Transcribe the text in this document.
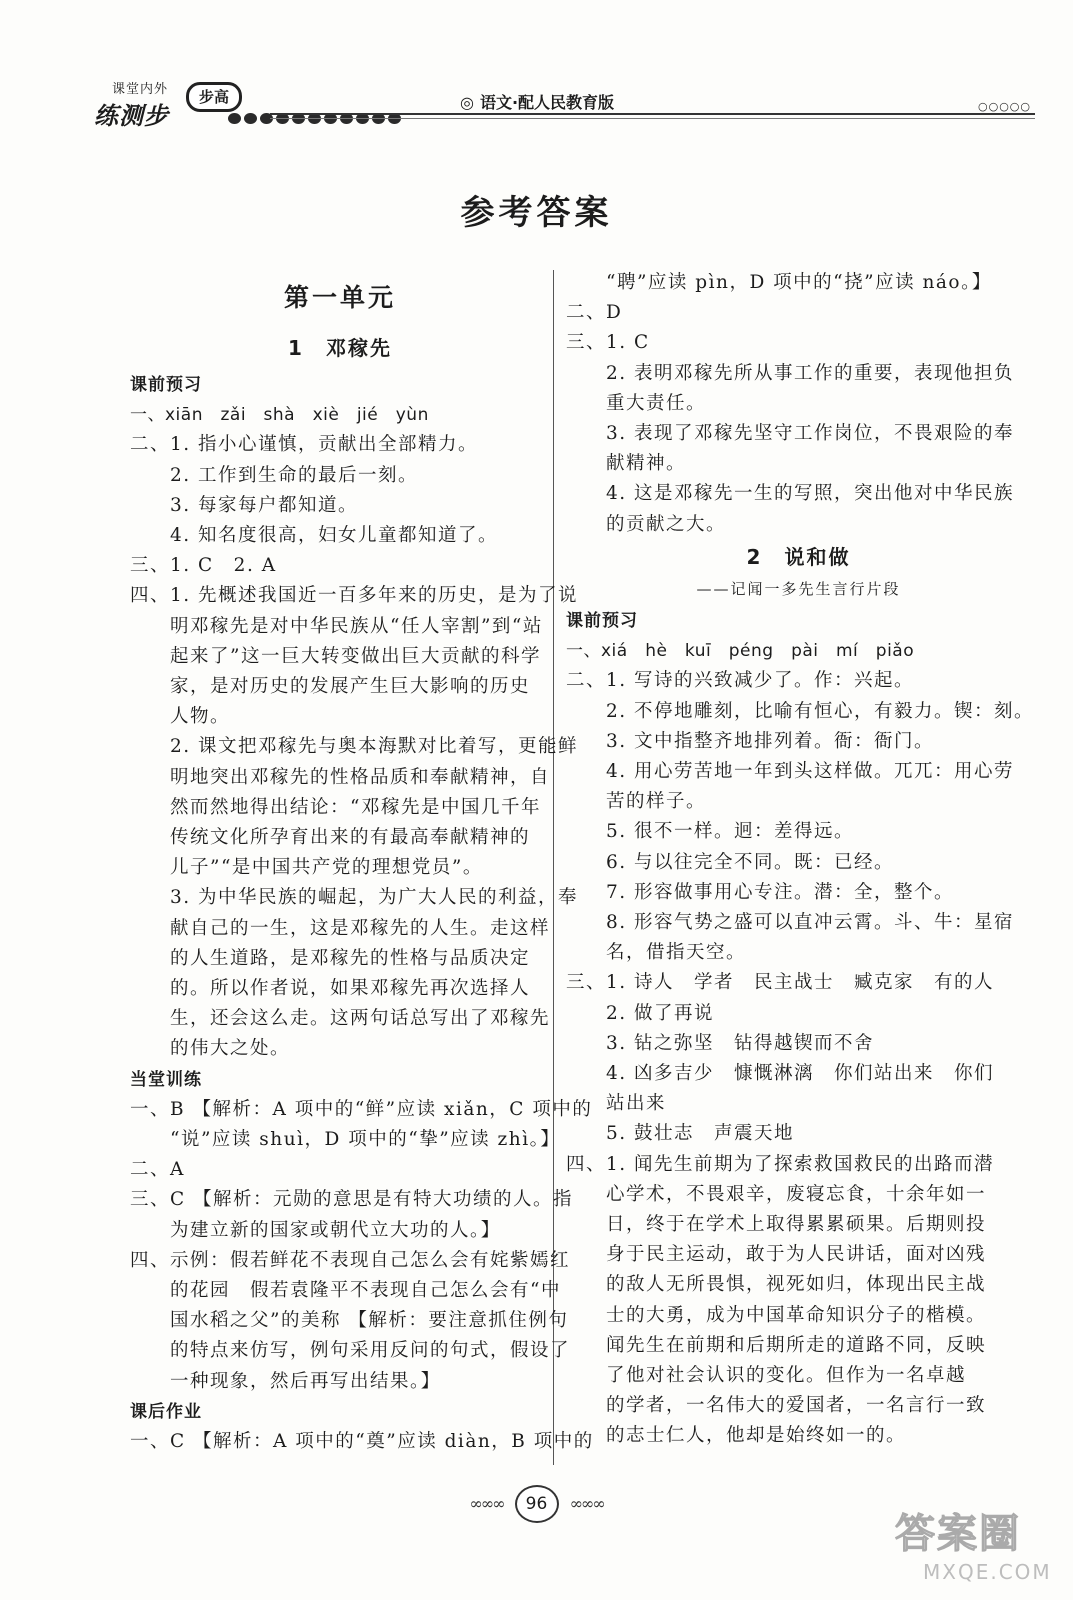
课堂内外
练测步
步高	◎ 语文·配人民教育版	○○○○○
参考答案
第一单元
1　邓稼先
课前预习
一、xiān　zǎi　shà　xiè　jié　yùn
二、1. 指小心谨慎，贡献出全部精力。
　　2. 工作到生命的最后一刻。
　　3. 每家每户都知道。
　　4. 知名度很高，妇女儿童都知道了。
三、1. C　2. A
四、1. 先概述我国近一百多年来的历史，是为了说
　　明邓稼先是对中华民族从“任人宰割”到“站
　　起来了”这一巨大转变做出巨大贡献的科学
　　家，是对历史的发展产生巨大影响的历史
　　人物。
　　2. 课文把邓稼先与奥本海默对比着写，更能鲜
　　明地突出邓稼先的性格品质和奉献精神，自
　　然而然地得出结论：“邓稼先是中国几千年
　　传统文化所孕育出来的有最高奉献精神的
　　儿子”“是中国共产党的理想党员”。
　　3. 为中华民族的崛起，为广大人民的利益，奉
　　献自己的一生，这是邓稼先的人生。走这样
　　的人生道路，是邓稼先的性格与品质决定
　　的。所以作者说，如果邓稼先再次选择人
　　生，还会这么走。这两句话总写出了邓稼先
　　的伟大之处。
当堂训练
一、B 【解析：A 项中的“鲜”应读 xiǎn，C 项中的
　　“说”应读 shuì，D 项中的“挚”应读 zhì。】
二、A
三、C 【解析：元勋的意思是有特大功绩的人。指
　　为建立新的国家或朝代立大功的人。】
四、示例：假若鲜花不表现自己怎么会有姹紫嫣红
　　的花园　假若袁隆平不表现自己怎么会有“中
　　国水稻之父”的美称 【解析：要注意抓住例句
　　的特点来仿写，例句采用反问的句式，假设了
　　一种现象，然后再写出结果。】
课后作业
一、C 【解析：A 项中的“奠”应读 diàn，B 项中的
　　“聘”应读 pìn，D 项中的“挠”应读 náo。】
二、D
三、1. C
　　2. 表明邓稼先所从事工作的重要，表现他担负
　　重大责任。
　　3. 表现了邓稼先坚守工作岗位，不畏艰险的奉
　　献精神。
　　4. 这是邓稼先一生的写照，突出他对中华民族
　　的贡献之大。
2　说和做
——记闻一多先生言行片段
课前预习
一、xiá　hè　kuī　péng　pài　mí　piǎo
二、1. 写诗的兴致减少了。作：兴起。
　　2. 不停地雕刻，比喻有恒心，有毅力。锲：刻。
　　3. 文中指整齐地排列着。衙：衙门。
　　4. 用心劳苦地一年到头这样做。兀兀：用心劳
　　苦的样子。
　　5. 很不一样。迥：差得远。
　　6. 与以往完全不同。既：已经。
　　7. 形容做事用心专注。潜：全，整个。
　　8. 形容气势之盛可以直冲云霄。斗、牛：星宿
　　名，借指天空。
三、1. 诗人　学者　民主战士　臧克家　有的人
　　2. 做了再说
　　3. 钻之弥坚　钻得越锲而不舍
　　4. 凶多吉少　慷慨淋漓　你们站出来　你们
　　站出来
　　5. 鼓壮志　声震天地
四、1. 闻先生前期为了探索救国救民的出路而潜
　　心学术，不畏艰辛，废寝忘食，十余年如一
　　日，终于在学术上取得累累硕果。后期则投
　　身于民主运动，敢于为人民讲话，面对凶残
　　的敌人无所畏惧，视死如归，体现出民主战
　　士的大勇，成为中国革命知识分子的楷模。
　　闻先生在前期和后期所走的道路不同，反映
　　了他对社会认识的变化。但作为一名卓越
　　的学者，一名伟大的爱国者，一名言行一致
　　的志士仁人，他却是始终如一的。
∞∞∞ 96 ∞∞∞
答案圈
MXQE.COM
